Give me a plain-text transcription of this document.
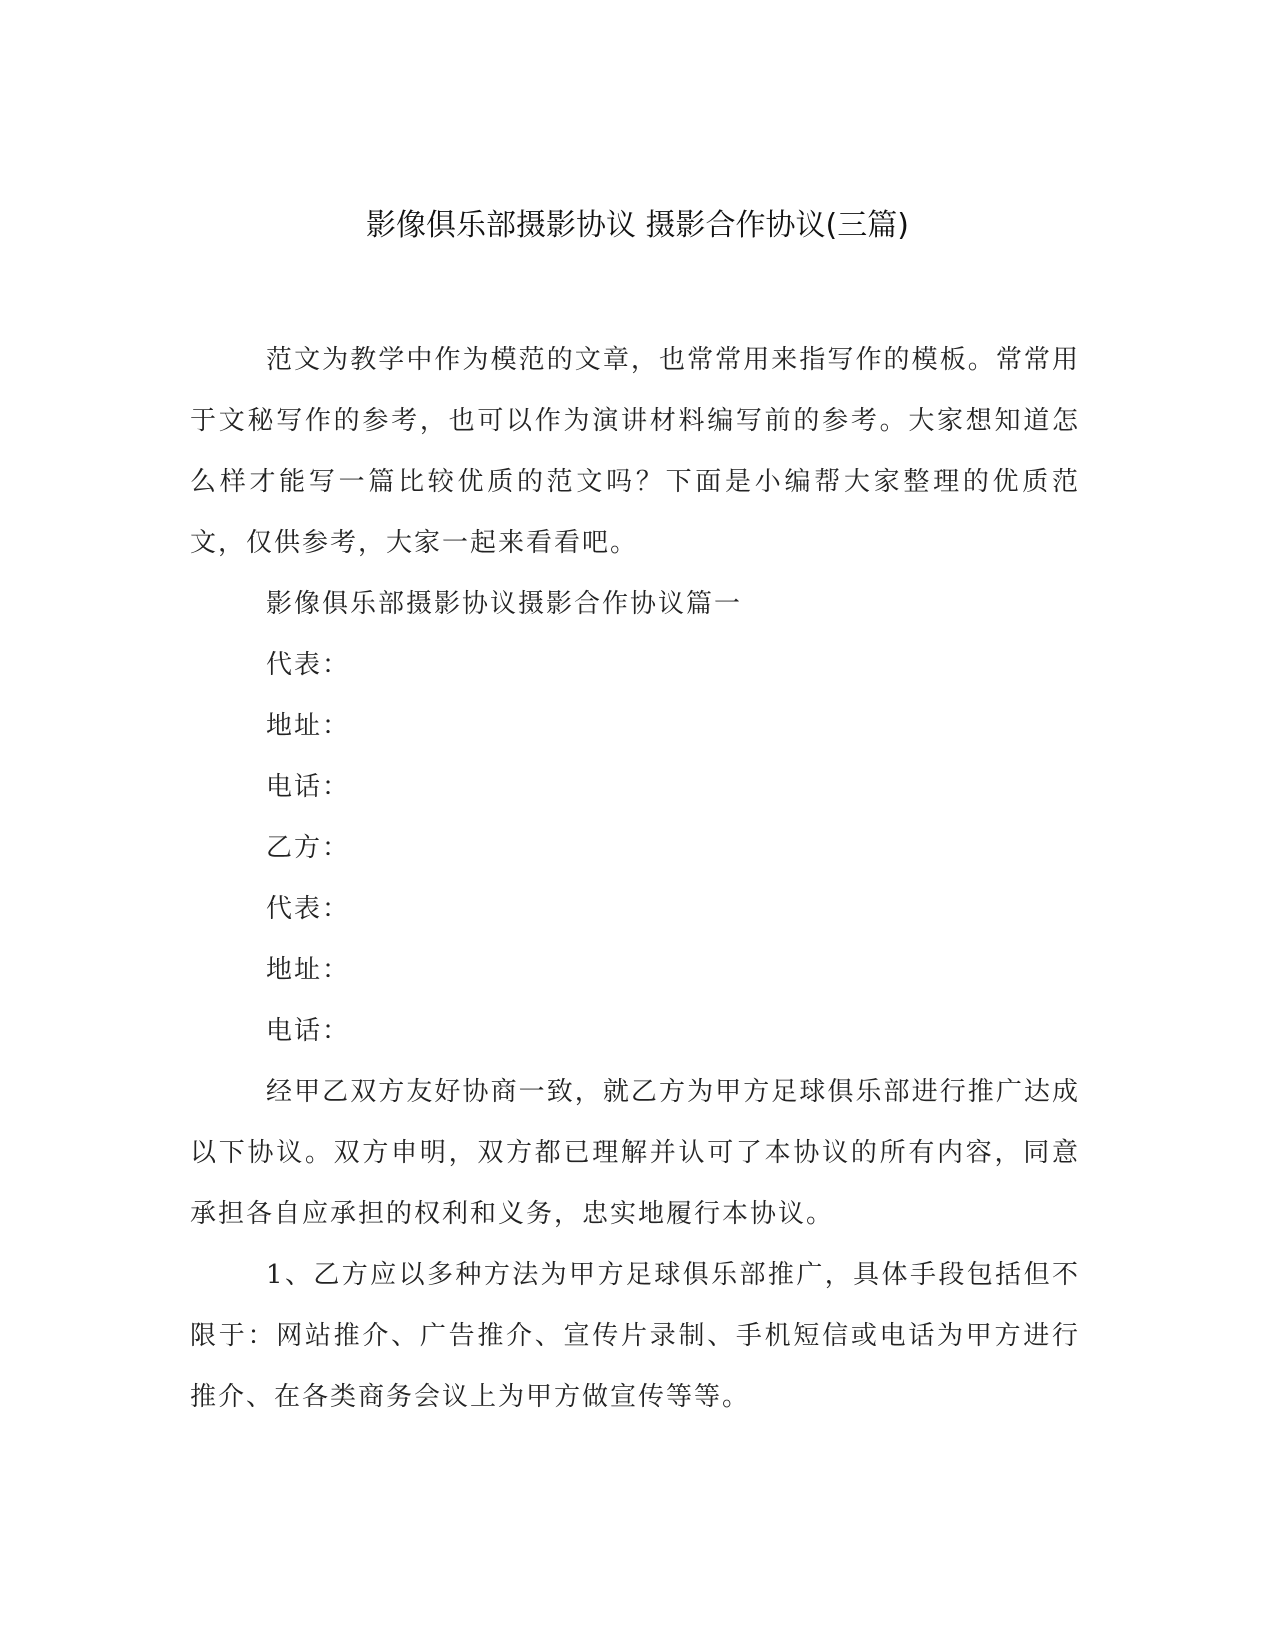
影像俱乐部摄影协议 摄影合作协议(三篇)

范文为教学中作为模范的文章，也常常用来指写作的模板。常常用于文秘写作的参考，也可以作为演讲材料编写前的参考。大家想知道怎么样才能写一篇比较优质的范文吗？下面是小编帮大家整理的优质范文，仅供参考，大家一起来看看吧。

影像俱乐部摄影协议摄影合作协议篇一

代表：

地址：

电话：

乙方：

代表：

地址：

电话：

经甲乙双方友好协商一致，就乙方为甲方足球俱乐部进行推广达成以下协议。双方申明，双方都已理解并认可了本协议的所有内容，同意承担各自应承担的权利和义务，忠实地履行本协议。

1、乙方应以多种方法为甲方足球俱乐部推广，具体手段包括但不限于：网站推介、广告推介、宣传片录制、手机短信或电话为甲方进行推介、在各类商务会议上为甲方做宣传等等。
